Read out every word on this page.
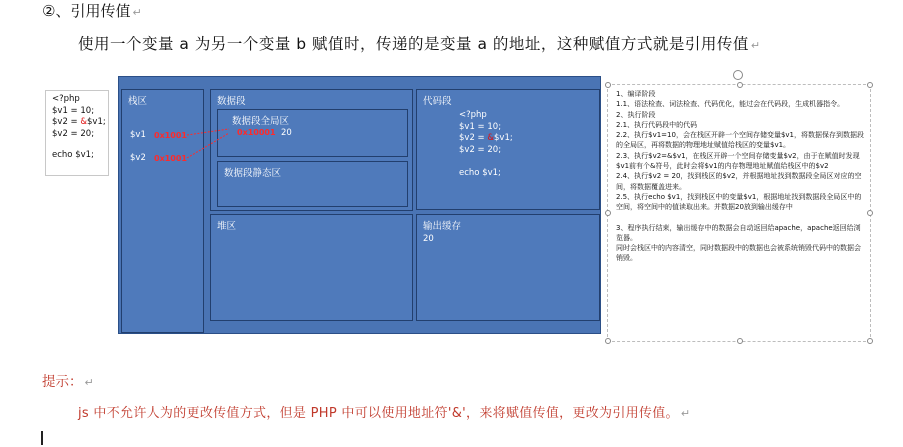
②、引用传值 ↵
使用一个变量 a 为另一个变量 b 赋值时，传递的是变量 a 的地址，这种赋值方式就是引用传值 ↵
<?php
$v1 = 10;
$v2 = &$v1;
$v2 = 20;
echo $v1;
栈区
$v1 0x1001
$v2 0x1001
数据段
数据段全局区
0x10001 20
数据段静态区
代码段
<?php
$v1 = 10;
$v2 = &$v1;
$v2 = 20;

echo $v1;
堆区	输出缓存
20

1、编译阶段

1.1、语法检查、词法检查、代码优化，能过会在代码段，生成机器指令。

2、执行阶段

2.1、执行代码段中的代码

2.2、执行$v1=10，会在栈区开辟一个空间存储变量$v1，将数据保存到数据段的全局区，再将数据的物理地址赋值给栈区的变量$v1。

2.3、执行$v2=&$v1，在栈区开辟一个空间存储变量$v2，由于在赋值时发现$v1前有个&符号，此时会将$v1的内存物理地址赋值给栈区中的$v2

2.4、执行$v2 = 20，找到栈区的$v2，并根据地址找到数据段全局区对应的空间，将数据覆盖进来。

2.5、执行echo $v1，找到栈区中的变量$v1，根据地址找到数据段全局区中的空间，将空间中的值读取出来。并数据20放到输出缓存中

3、程序执行结束，输出缓存中的数据会自动返回给apache，apache返回给浏览器。

同时会栈区中的内容清空，同时数据段中的数据也会被系统销毁代码中的数据会销毁。

提示： ↵
js 中不允许人为的更改传值方式，但是 PHP 中可以使用地址符'&'，来将赋值传值，更改为引用传值。 ↵
